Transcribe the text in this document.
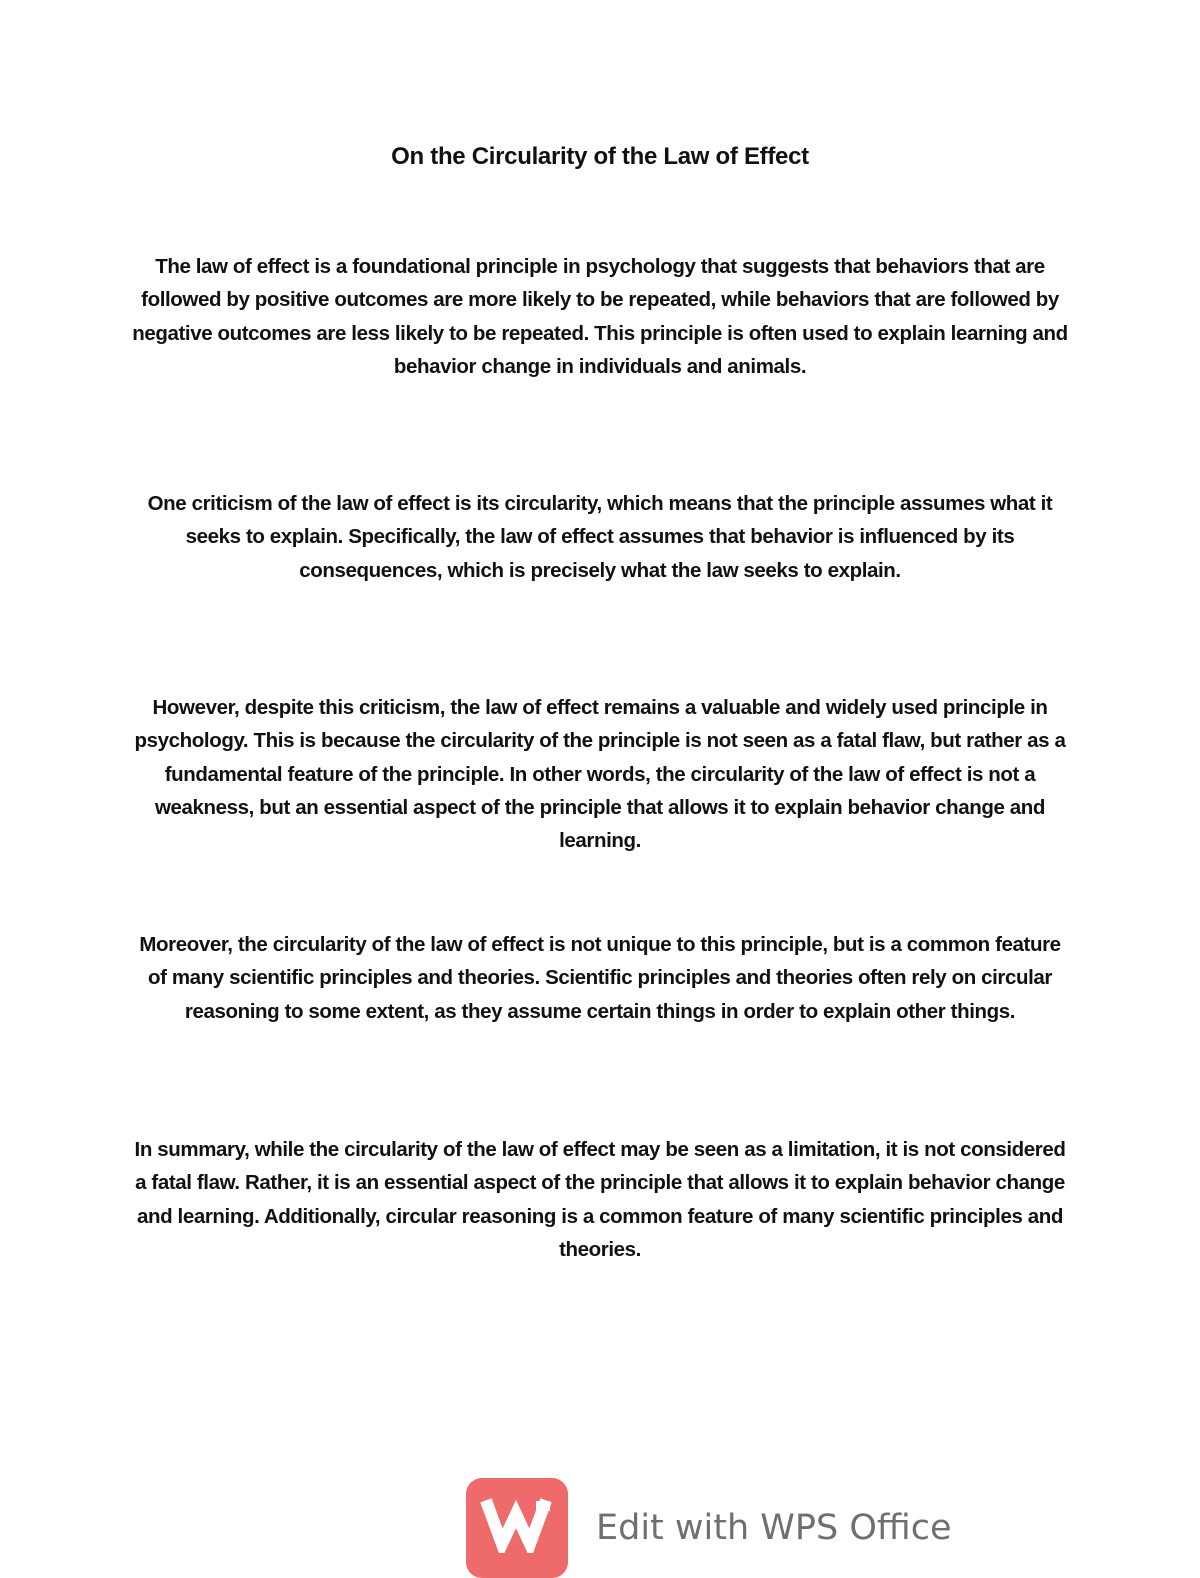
On the Circularity of the Law of Effect

The law of effect is a foundational principle in psychology that suggests that behaviors that are followed by positive outcomes are more likely to be repeated, while behaviors that are followed by negative outcomes are less likely to be repeated. This principle is often used to explain learning and behavior change in individuals and animals.

One criticism of the law of effect is its circularity, which means that the principle assumes what it seeks to explain. Specifically, the law of effect assumes that behavior is influenced by its consequences, which is precisely what the law seeks to explain.

However, despite this criticism, the law of effect remains a valuable and widely used principle in psychology. This is because the circularity of the principle is not seen as a fatal flaw, but rather as a fundamental feature of the principle. In other words, the circularity of the law of effect is not a weakness, but an essential aspect of the principle that allows it to explain behavior change and learning.

Moreover, the circularity of the law of effect is not unique to this principle, but is a common feature of many scientific principles and theories. Scientific principles and theories often rely on circular reasoning to some extent, as they assume certain things in order to explain other things.

In summary, while the circularity of the law of effect may be seen as a limitation, it is not considered a fatal flaw. Rather, it is an essential aspect of the principle that allows it to explain behavior change and learning. Additionally, circular reasoning is a common feature of many scientific principles and theories.

Edit with WPS Office
